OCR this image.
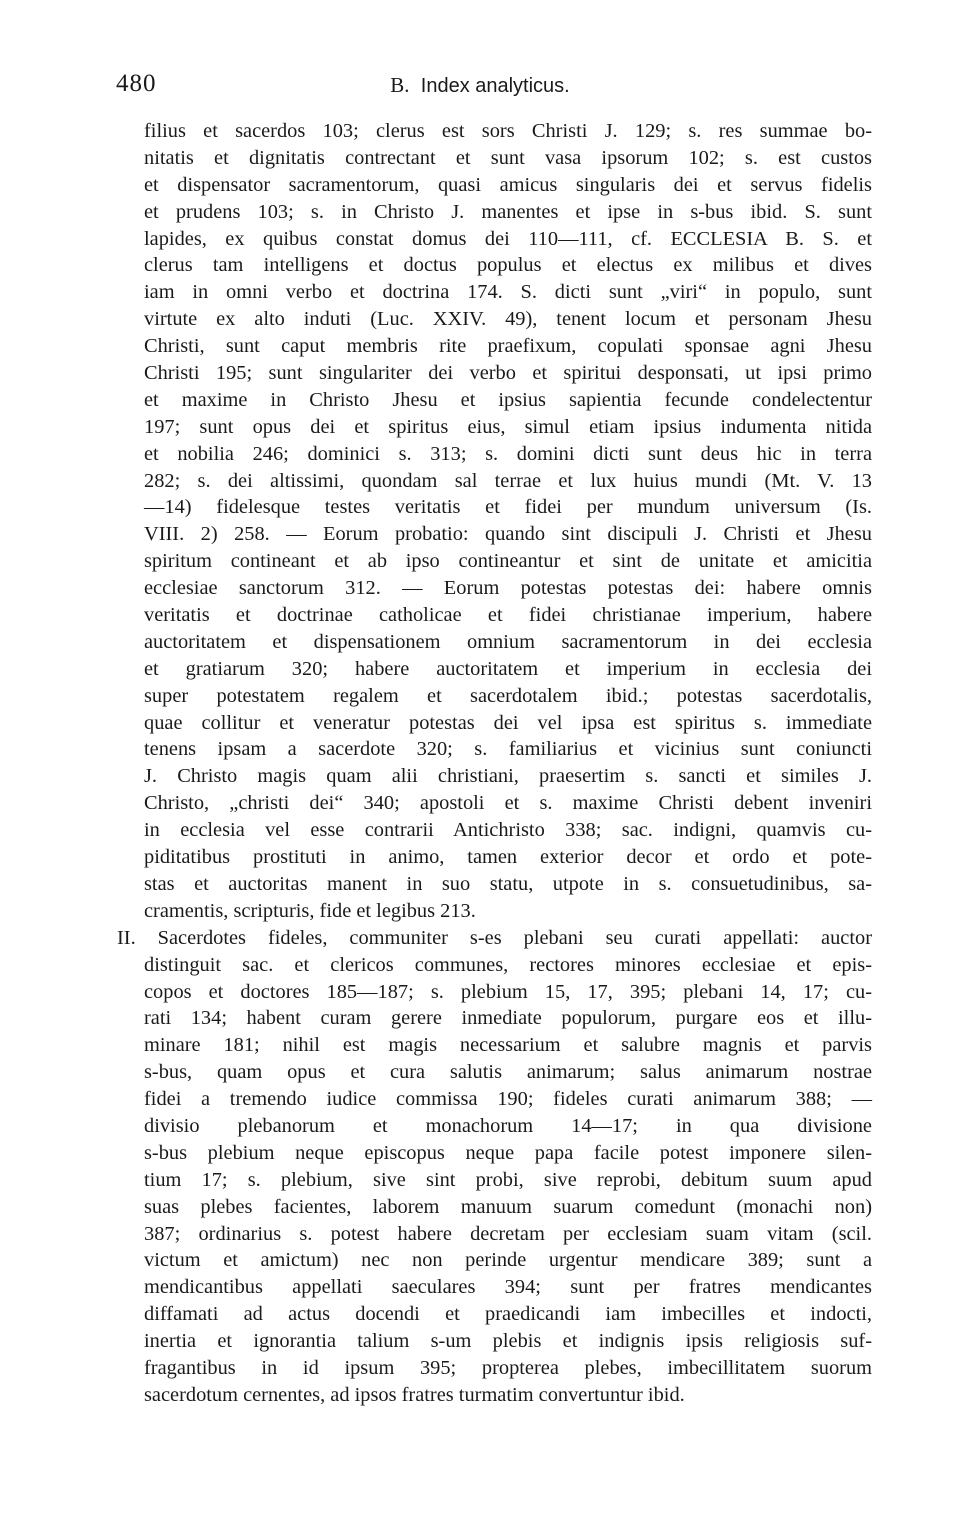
480	B. Index analyticus.
filius et sacerdos 103; clerus est sors Christi J. 129; s. res summae bo-
nitatis et dignitatis contrectant et sunt vasa ipsorum 102; s. est custos
et dispensator sacramentorum, quasi amicus singularis dei et servus fidelis
et prudens 103; s. in Christo J. manentes et ipse in s-bus ibid. S. sunt
lapides, ex quibus constat domus dei 110—111, cf. ECCLESIA B. S. et
clerus tam intelligens et doctus populus et electus ex milibus et dives
iam in omni verbo et doctrina 174. S. dicti sunt „viri“ in populo, sunt
virtute ex alto induti (Luc. XXIV. 49), tenent locum et personam Jhesu
Christi, sunt caput membris rite praefixum, copulati sponsae agni Jhesu
Christi 195; sunt singulariter dei verbo et spiritui desponsati, ut ipsi primo
et maxime in Christo Jhesu et ipsius sapientia fecunde condelectentur
197; sunt opus dei et spiritus eius, simul etiam ipsius indumenta nitida
et nobilia 246; dominici s. 313; s. domini dicti sunt deus hic in terra
282; s. dei altissimi, quondam sal terrae et lux huius mundi (Mt. V. 13
—14) fidelesque testes veritatis et fidei per mundum universum (Is.
VIII. 2) 258. — Eorum probatio: quando sint discipuli J. Christi et Jhesu
spiritum contineant et ab ipso contineantur et sint de unitate et amicitia
ecclesiae sanctorum 312. — Eorum potestas potestas dei: habere omnis
veritatis et doctrinae catholicae et fidei christianae imperium, habere
auctoritatem et dispensationem omnium sacramentorum in dei ecclesia
et gratiarum 320; habere auctoritatem et imperium in ecclesia dei
super potestatem regalem et sacerdotalem ibid.; potestas sacerdotalis,
quae collitur et veneratur potestas dei vel ipsa est spiritus s. immediate
tenens ipsam a sacerdote 320; s. familiarius et vicinius sunt coniuncti
J. Christo magis quam alii christiani, praesertim s. sancti et similes J.
Christo, „christi dei“ 340; apostoli et s. maxime Christi debent inveniri
in ecclesia vel esse contrarii Antichristo 338; sac. indigni, quamvis cu-
piditatibus prostituti in animo, tamen exterior decor et ordo et pote-
stas et auctoritas manent in suo statu, utpote in s. consuetudinibus, sa-
cramentis, scripturis, fide et legibus 213.
II. Sacerdotes fideles, communiter s-es plebani seu curati appellati: auctor
distinguit sac. et clericos communes, rectores minores ecclesiae et epis-
copos et doctores 185—187; s. plebium 15, 17, 395; plebani 14, 17; cu-
rati 134; habent curam gerere inmediate populorum, purgare eos et illu-
minare 181; nihil est magis necessarium et salubre magnis et parvis
s-bus, quam opus et cura salutis animarum; salus animarum nostrae
fidei a tremendo iudice commissa 190; fideles curati animarum 388; —
divisio plebanorum et monachorum 14—17; in qua divisione
s-bus plebium neque episcopus neque papa facile potest imponere silen-
tium 17; s. plebium, sive sint probi, sive reprobi, debitum suum apud
suas plebes facientes, laborem manuum suarum comedunt (monachi non)
387; ordinarius s. potest habere decretam per ecclesiam suam vitam (scil.
victum et amictum) nec non perinde urgentur mendicare 389; sunt a
mendicantibus appellati saeculares 394; sunt per fratres mendicantes
diffamati ad actus docendi et praedicandi iam imbecilles et indocti,
inertia et ignorantia talium s-um plebis et indignis ipsis religiosis suf-
fragantibus in id ipsum 395; propterea plebes, imbecillitatem suorum
sacerdotum cernentes, ad ipsos fratres turmatim convertuntur ibid.
